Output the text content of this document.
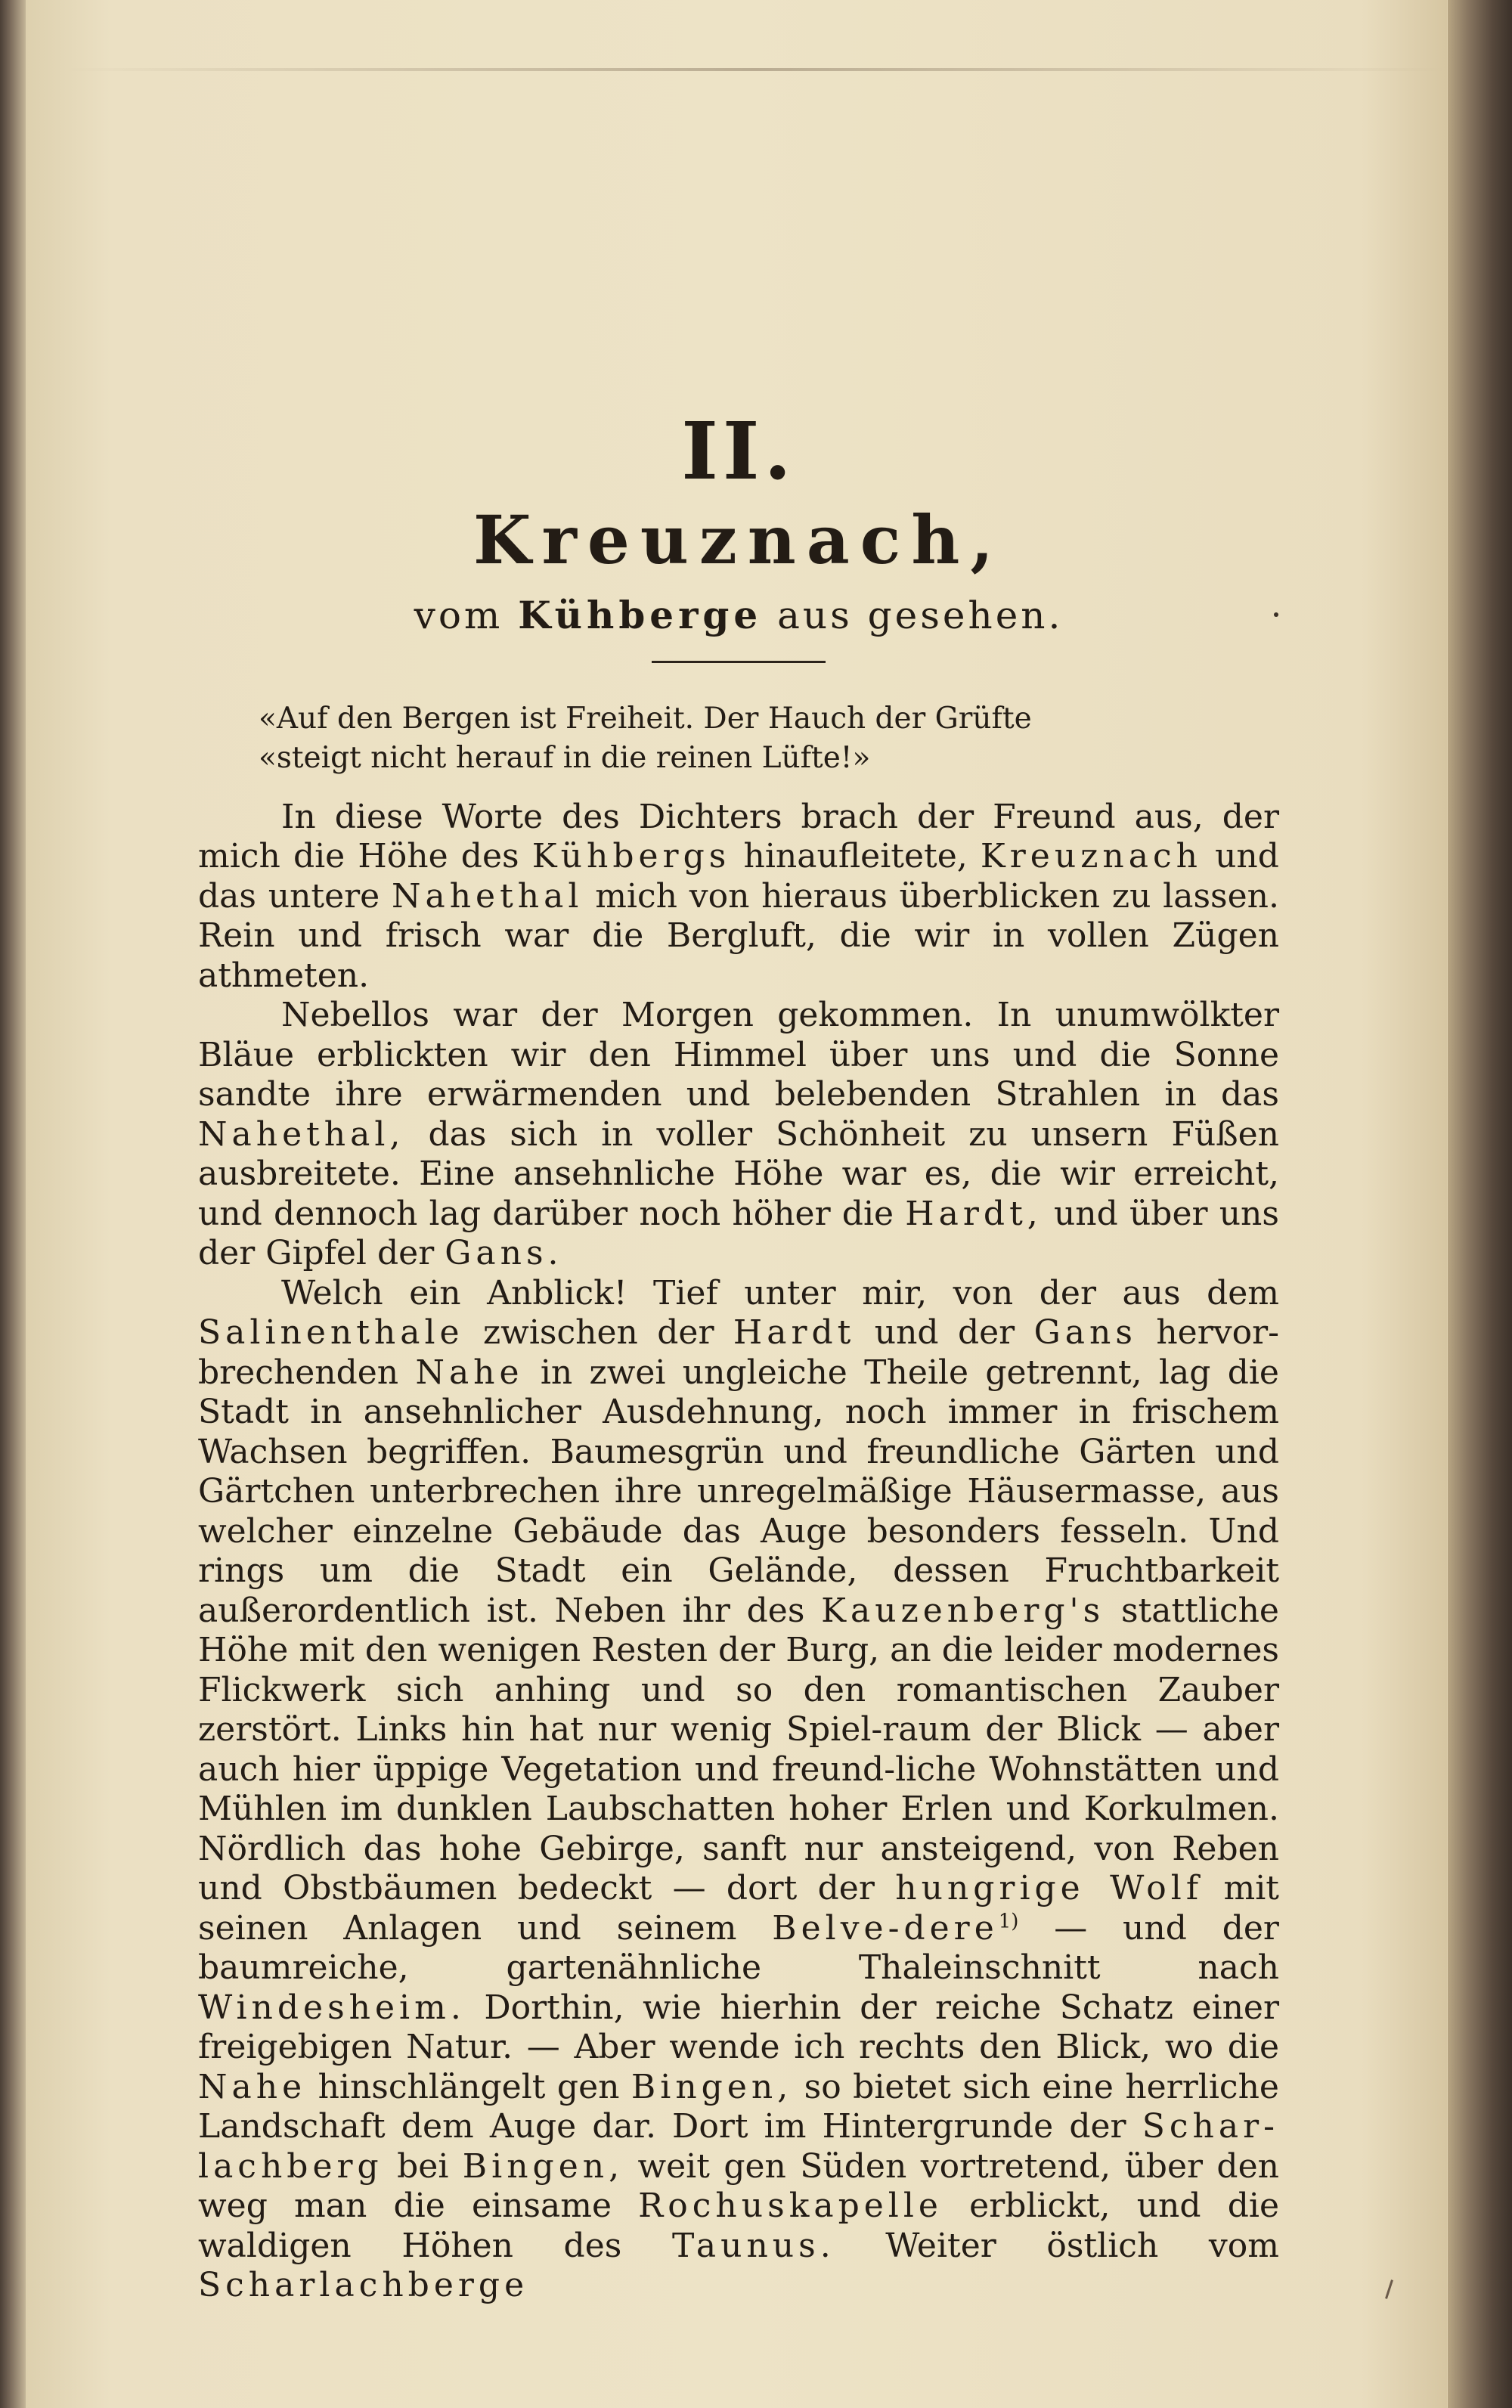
II.
Kreuznach,
vom Kühberge aus gesehen.
«Auf den Bergen ist Freiheit. Der Hauch der Grüfte
«steigt nicht herauf in die reinen Lüfte!»

In diese Worte des Dichters brach der Freund aus, der mich die Höhe des Kühbergs hinaufleitete, Kreuznach und das untere Nahethal mich von hieraus überblicken zu lassen. Rein und frisch war die Bergluft, die wir in vollen Zügen athmeten.

Nebellos war der Morgen gekommen. In unumwölkter Bläue erblickten wir den Himmel über uns und die Sonne sandte ihre erwärmenden und belebenden Strahlen in das Nahethal, das sich in voller Schönheit zu unsern Füßen ausbreitete. Eine ansehnliche Höhe war es, die wir erreicht, und dennoch lag darüber noch höher die Hardt, und über uns der Gipfel der Gans.

Welch ein Anblick! Tief unter mir, von der aus dem Salinenthale zwischen der Hardt und der Gans hervor-brechenden Nahe in zwei ungleiche Theile getrennt, lag die Stadt in ansehnlicher Ausdehnung, noch immer in frischem Wachsen begriffen. Baumesgrün und freundliche Gärten und Gärtchen unterbrechen ihre unregelmäßige Häusermasse, aus welcher einzelne Gebäude das Auge besonders fesseln. Und rings um die Stadt ein Gelände, dessen Fruchtbarkeit außerordentlich ist. Neben ihr des Kauzenberg's stattliche Höhe mit den wenigen Resten der Burg, an die leider modernes Flickwerk sich anhing und so den romantischen Zauber zerstört. Links hin hat nur wenig Spiel-raum der Blick — aber auch hier üppige Vegetation und freund-liche Wohnstätten und Mühlen im dunklen Laubschatten hoher Erlen und Korkulmen. Nördlich das hohe Gebirge, sanft nur ansteigend, von Reben und Obstbäumen bedeckt — dort der hungrige Wolf mit seinen Anlagen und seinem Belve-dere$^{1)}$ — und der baumreiche, gartenähnliche Thaleinschnitt nach Windesheim. Dorthin, wie hierhin der reiche Schatz einer freigebigen Natur. — Aber wende ich rechts den Blick, wo die Nahe hinschlängelt gen Bingen, so bietet sich eine herrliche Landschaft dem Auge dar. Dort im Hintergrunde der Schar-lachberg bei Bingen, weit gen Süden vortretend, über den weg man die einsame Rochuskapelle erblickt, und die waldigen Höhen des Taunus. Weiter östlich vom Scharlachberge
